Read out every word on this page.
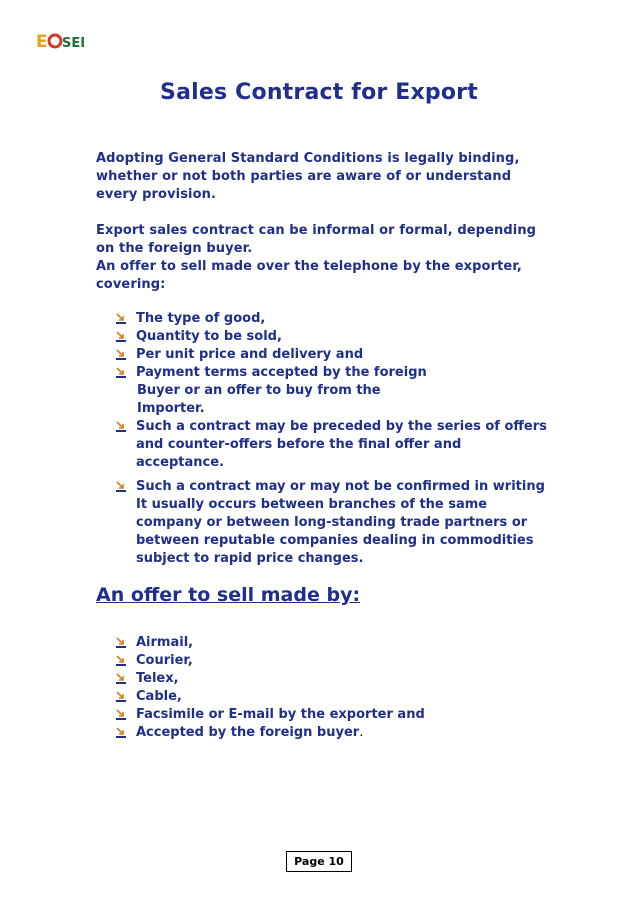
E SEI
Sales Contract for Export
Adopting General Standard Conditions is legally binding,
whether or not both parties are aware of or understand
every provision.
Export sales contract can be informal or formal, depending
on the foreign buyer.
An offer to sell made over the telephone by the exporter,
covering:
The type of good,
Quantity to be sold,
Per unit price and delivery and
Payment terms accepted by the foreign
Buyer or an offer to buy from the
Importer.
Such a contract may be preceded by the series of offers
and counter-offers before the final offer and
acceptance.
Such a contract may or may not be confirmed in writing
It usually occurs between branches of the same
company or between long-standing trade partners or
between reputable companies dealing in commodities
subject to rapid price changes.
An offer to sell made by:
Airmail,
Courier,
Telex,
Cable,
Facsimile or E-mail by the exporter and
Accepted by the foreign buyer.
Page 10
